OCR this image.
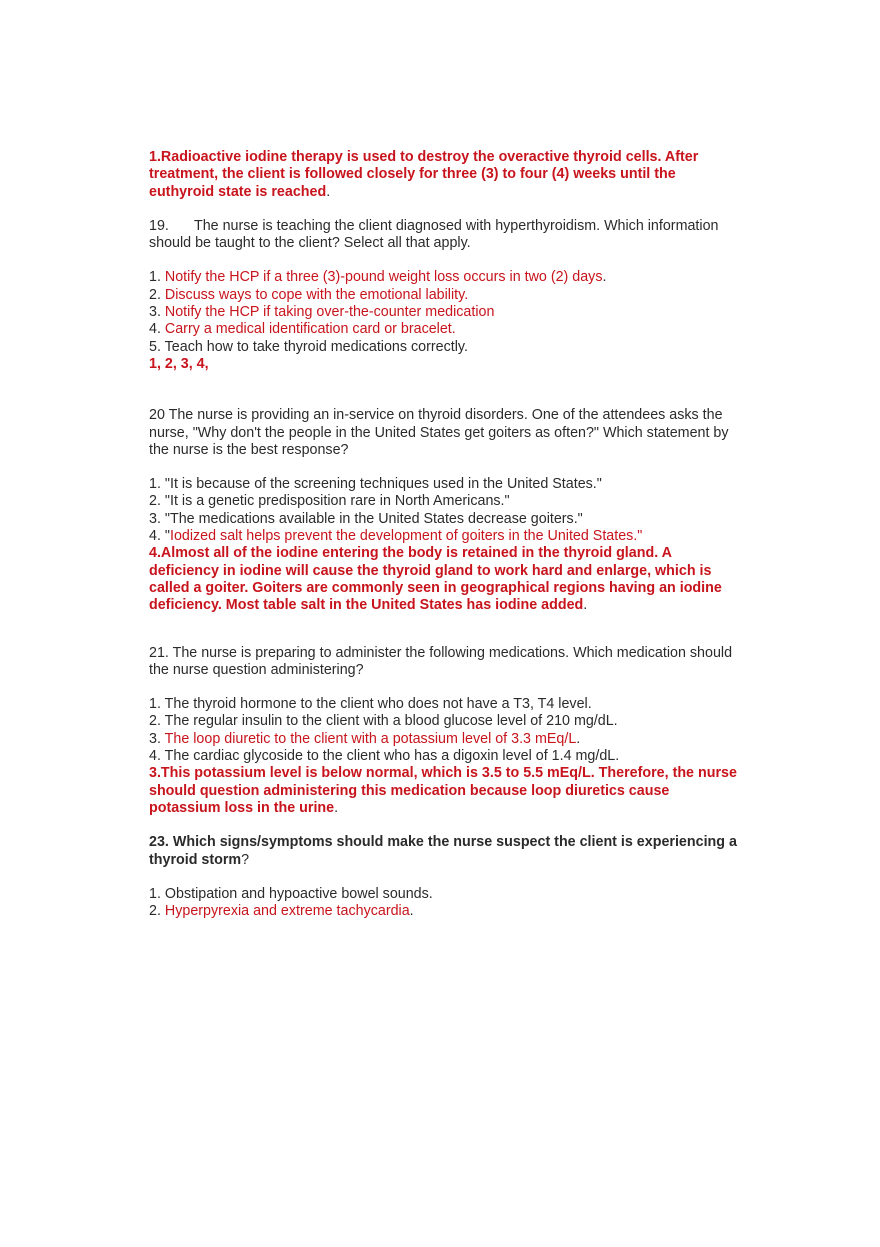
1.Radioactive iodine therapy is used to destroy the overactive thyroid cells. After treatment, the client is followed closely for three (3) to four (4) weeks until the euthyroid state is reached.

19. The nurse is teaching the client diagnosed with hyperthyroidism. Which information should be taught to the client? Select all that apply.

1. Notify the HCP if a three (3)-pound weight loss occurs in two (2) days.
2. Discuss ways to cope with the emotional lability.
3. Notify the HCP if taking over-the-counter medication
4. Carry a medical identification card or bracelet.
5. Teach how to take thyroid medications correctly.
1, 2, 3, 4,

20 The nurse is providing an in-service on thyroid disorders. One of the attendees asks the nurse, "Why don't the people in the United States get goiters as often?" Which statement by the nurse is the best response?

1. "It is because of the screening techniques used in the United States."
2. "It is a genetic predisposition rare in North Americans."
3. "The medications available in the United States decrease goiters."
4. "Iodized salt helps prevent the development of goiters in the United States."

4.Almost all of the iodine entering the body is retained in the thyroid gland. A deficiency in iodine will cause the thyroid gland to work hard and enlarge, which is called a goiter. Goiters are commonly seen in geographical regions having an iodine deficiency. Most table salt in the United States has iodine added.

21. The nurse is preparing to administer the following medications. Which medication should the nurse question administering?

1. The thyroid hormone to the client who does not have a T3, T4 level.
2. The regular insulin to the client with a blood glucose level of 210 mg/dL.
3. The loop diuretic to the client with a potassium level of 3.3 mEq/L.
4. The cardiac glycoside to the client who has a digoxin level of 1.4 mg/dL.

3.This potassium level is below normal, which is 3.5 to 5.5 mEq/L. Therefore, the nurse should question administering this medication because loop diuretics cause potassium loss in the urine.

23. Which signs/symptoms should make the nurse suspect the client is experiencing a thyroid storm?

1. Obstipation and hypoactive bowel sounds.
2. Hyperpyrexia and extreme tachycardia.
